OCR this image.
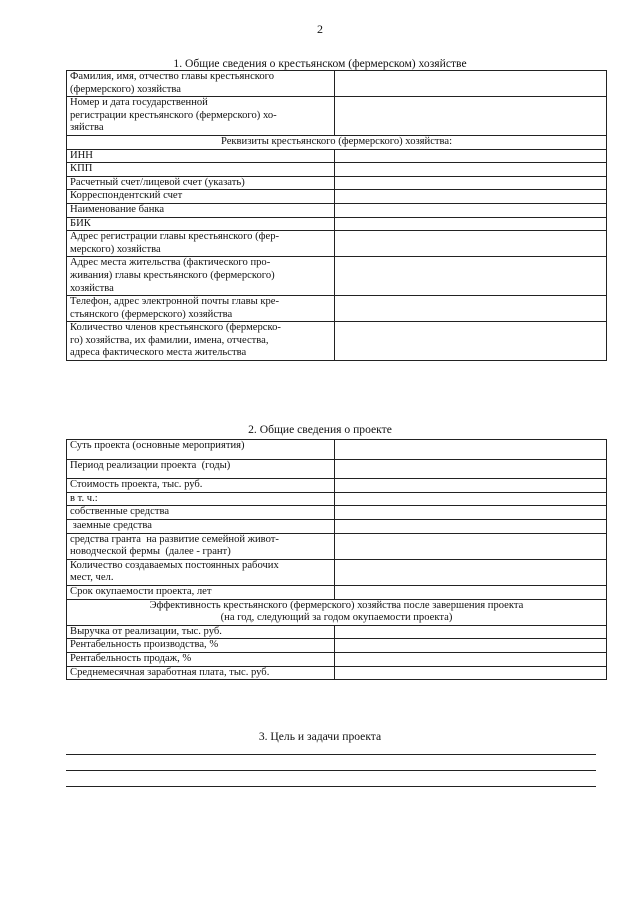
2
1. Общие сведения о крестьянском (фермерском) хозяйстве
Фамилия, имя, отчество главы крестьянского
(фермерского) хозяйства	

Номер и дата государственной
регистрации крестьянского (фермерского) хо-
зяйства	

Реквизиты крестьянского (фермерского) хозяйства:	

ИНН	

КПП	

Расчетный счет/лицевой счет (указать)	

Корреспондентский счет	

Наименование банка	

БИК	

Адрес регистрации главы крестьянского (фер-
мерского) хозяйства	

Адрес места жительства (фактического про-
живания) главы крестьянского (фермерского)
хозяйства	

Телефон, адрес электронной почты главы кре-
стьянского (фермерского) хозяйства	

Количество членов крестьянского (фермерско-
го) хозяйства, их фамилии, имена, отчества,
адреса фактического места жительства	

2. Общие сведения о проекте
Суть проекта (основные мероприятия)	

Период реализации проекта  (годы)	

Стоимость проекта, тыс. руб.	

в т. ч.:	

собственные средства	

заемные средства	

средства гранта  на развитие семейной живот-
новодческой фермы  (далее - грант)	

Количество создаваемых постоянных рабочих
мест, чел.	

Срок окупаемости проекта, лет	

Эффективность крестьянского (фермерского) хозяйства после завершения проекта
(на год, следующий за годом окупаемости проекта)	

Выручка от реализации, тыс. руб.	

Рентабельность производства, %	

Рентабельность продаж, %	

Среднемесячная заработная плата, тыс. руб.	

3. Цель и задачи проекта
